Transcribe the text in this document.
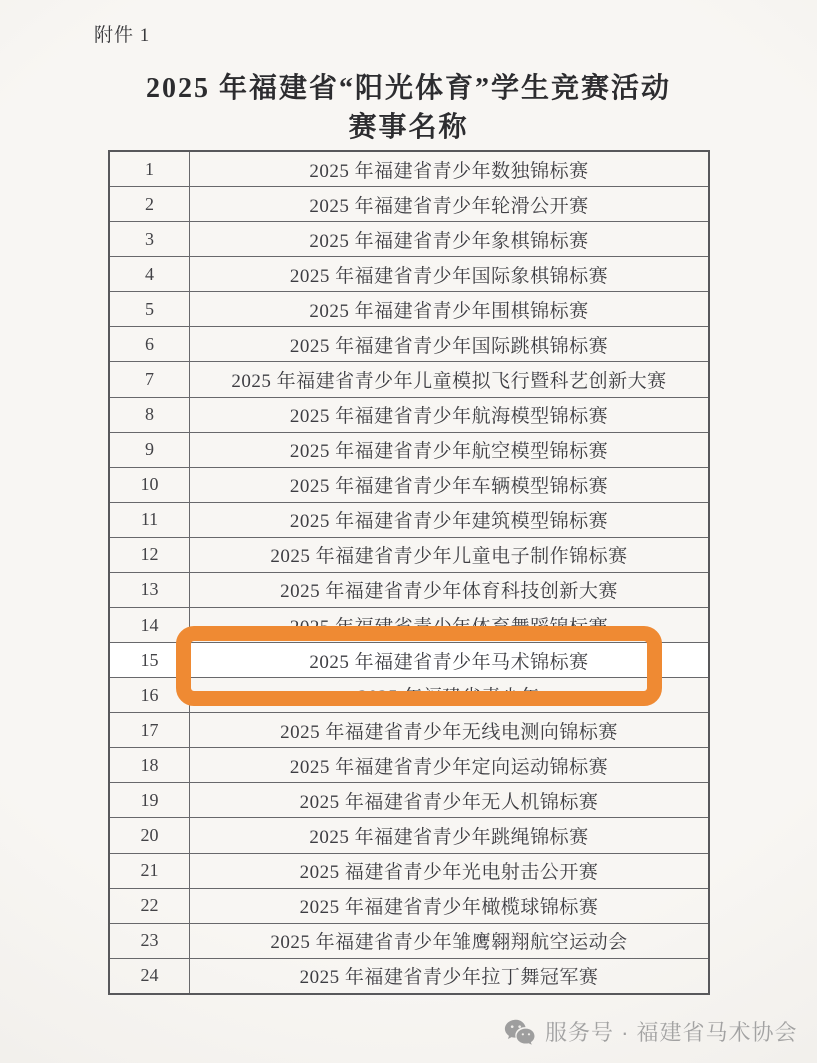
附件 1
2025 年福建省“阳光体育”学生竞赛活动
赛事名称
1	2025 年福建省青少年数独锦标赛
2	2025 年福建省青少年轮滑公开赛
3	2025 年福建省青少年象棋锦标赛
4	2025 年福建省青少年国际象棋锦标赛
5	2025 年福建省青少年围棋锦标赛
6	2025 年福建省青少年国际跳棋锦标赛
7	2025 年福建省青少年儿童模拟飞行暨科艺创新大赛
8	2025 年福建省青少年航海模型锦标赛
9	2025 年福建省青少年航空模型锦标赛
10	2025 年福建省青少年车辆模型锦标赛
11	2025 年福建省青少年建筑模型锦标赛
12	2025 年福建省青少年儿童电子制作锦标赛
13	2025 年福建省青少年体育科技创新大赛
14	2025 年福建省青少年体育舞蹈锦标赛
15	2025 年福建省青少年马术锦标赛
16	2025 年福建省青少年
17	2025 年福建省青少年无线电测向锦标赛
18	2025 年福建省青少年定向运动锦标赛
19	2025 年福建省青少年无人机锦标赛
20	2025 年福建省青少年跳绳锦标赛
21	2025 福建省青少年光电射击公开赛
22	2025 年福建省青少年橄榄球锦标赛
23	2025 年福建省青少年雏鹰翱翔航空运动会
24	2025 年福建省青少年拉丁舞冠军赛
服务号 · 福建省马术协会
